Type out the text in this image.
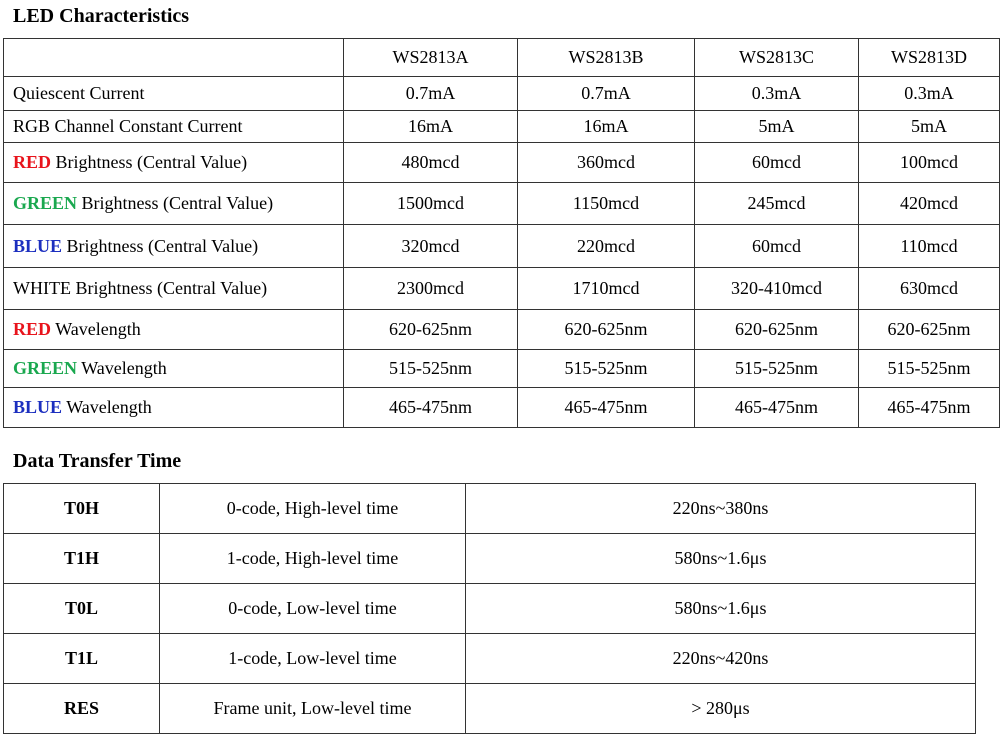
LED Characteristics
	WS2813A	WS2813B	WS2813C	WS2813D
Quiescent Current	0.7mA	0.7mA	0.3mA	0.3mA
RGB Channel Constant Current	16mA	16mA	5mA	5mA
RED Brightness (Central Value)	480mcd	360mcd	60mcd	100mcd
GREEN Brightness (Central Value)	1500mcd	1150mcd	245mcd	420mcd
BLUE Brightness (Central Value)	320mcd	220mcd	60mcd	110mcd
WHITE Brightness (Central Value)	2300mcd	1710mcd	320-410mcd	630mcd
RED Wavelength	620-625nm	620-625nm	620-625nm	620-625nm
GREEN Wavelength	515-525nm	515-525nm	515-525nm	515-525nm
BLUE Wavelength	465-475nm	465-475nm	465-475nm	465-475nm
Data Transfer Time
T0H	0-code, High-level time	220ns~380ns
T1H	1-code, High-level time	580ns~1.6μs
T0L	0-code, Low-level time	580ns~1.6μs
T1L	1-code, Low-level time	220ns~420ns
RES	Frame unit, Low-level time	> 280μs
